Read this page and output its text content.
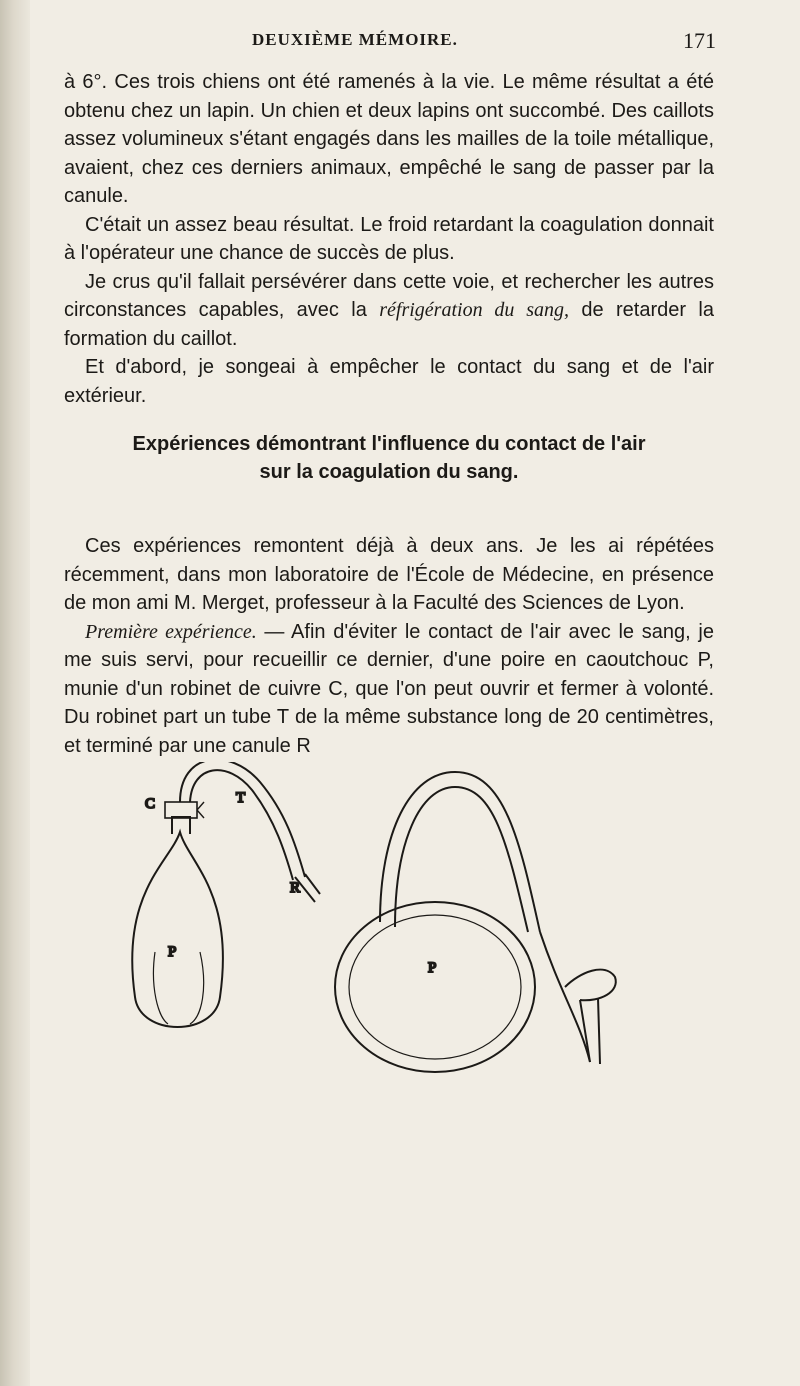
DEUXIÈME MÉMOIRE.	171

à 6°. Ces trois chiens ont été ramenés à la vie. Le même résultat a été obtenu chez un lapin. Un chien et deux lapins ont succombé. Des caillots assez volumineux s'étant engagés dans les mailles de la toile métallique, avaient, chez ces derniers animaux, empêché le sang de passer par la canule.

C'était un assez beau résultat. Le froid retardant la coagulation donnait à l'opérateur une chance de succès de plus.

Je crus qu'il fallait persévérer dans cette voie, et rechercher les autres circonstances capables, avec la réfrigération du sang, de retarder la formation du caillot.

Et d'abord, je songeai à empêcher le contact du sang et de l'air extérieur.

Expériences démontrant l'influence du contact de l'air
sur la coagulation du sang.

Ces expériences remontent déjà à deux ans. Je les ai répétées récemment, dans mon laboratoire de l'École de Médecine, en présence de mon ami M. Merget, professeur à la Faculté des Sciences de Lyon.

Première expérience. — Afin d'éviter le contact de l'air avec le sang, je me suis servi, pour recueillir ce dernier, d'une poire en caoutchouc P, munie d'un robinet de cuivre C, que l'on peut ouvrir et fermer à volonté. Du robinet part un tube T de la même substance long de 20 centimètres, et terminé par une canule R

C	T
R
P
P
